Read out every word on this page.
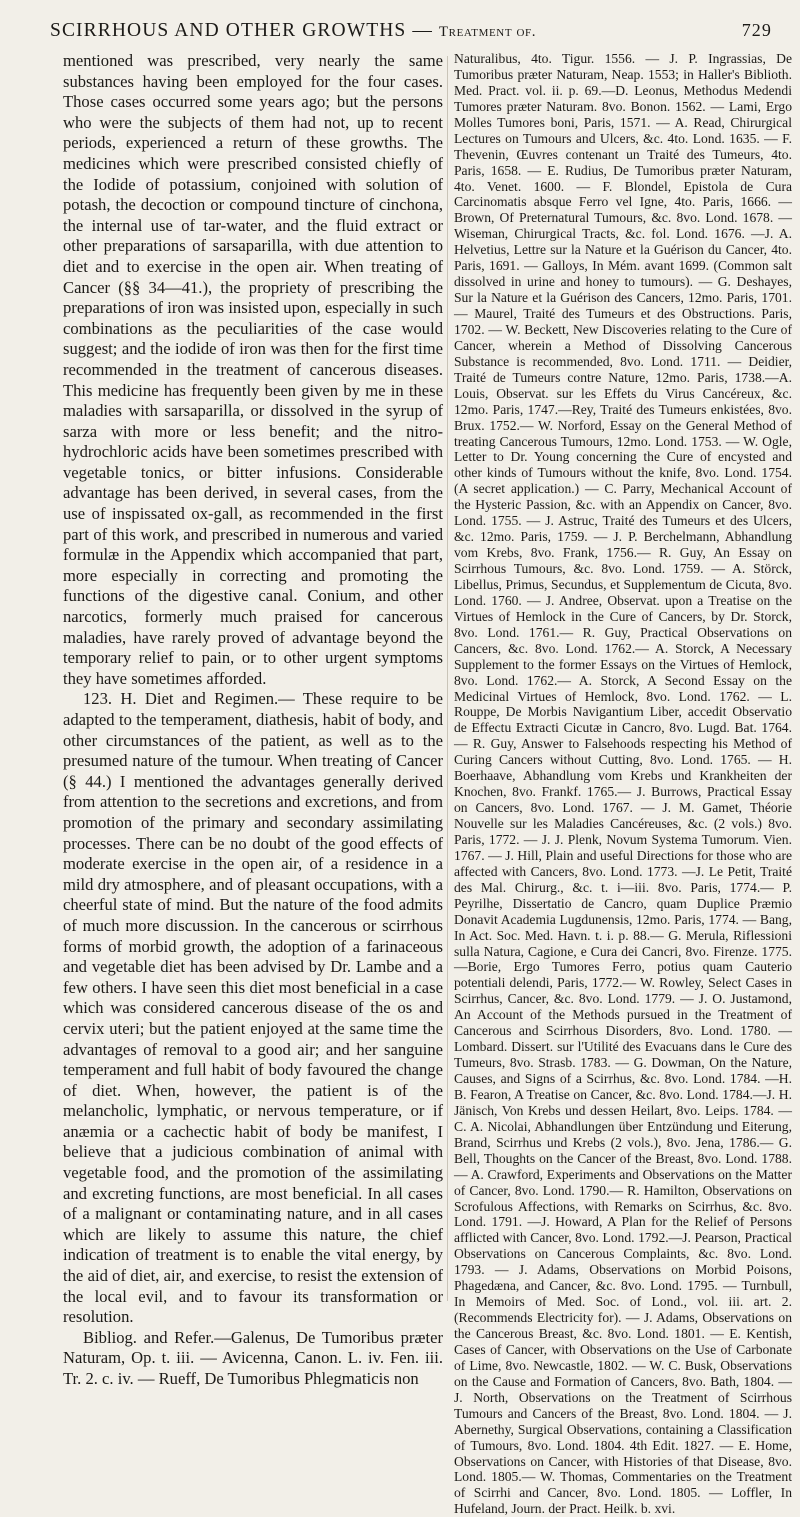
SCIRRHOUS AND OTHER GROWTHS — Treatment of.	729

mentioned was prescribed, very nearly the same substances having been employed for the four cases. Those cases occurred some years ago; but the persons who were the subjects of them had not, up to recent periods, experienced a return of these growths. The medicines which were prescribed consisted chiefly of the Iodide of potassium, conjoined with solution of potash, the decoction or compound tincture of cinchona, the internal use of tar-water, and the fluid extract or other preparations of sarsaparilla, with due attention to diet and to exercise in the open air. When treating of Cancer (§§ 34—41.), the propriety of prescribing the preparations of iron was insisted upon, especially in such combinations as the peculiarities of the case would suggest; and the iodide of iron was then for the first time recommended in the treatment of cancerous diseases. This medicine has frequently been given by me in these maladies with sarsaparilla, or dissolved in the syrup of sarza with more or less benefit; and the nitro-hydrochloric acids have been sometimes prescribed with vegetable tonics, or bitter infusions. Considerable advantage has been derived, in several cases, from the use of inspissated ox-gall, as recommended in the first part of this work, and prescribed in numerous and varied formulæ in the Appendix which accompanied that part, more especially in correcting and promoting the functions of the digestive canal. Conium, and other narcotics, formerly much praised for cancerous maladies, have rarely proved of advantage beyond the temporary relief to pain, or to other urgent symptoms they have sometimes afforded.

123. H. Diet and Regimen.— These require to be adapted to the temperament, diathesis, habit of body, and other circumstances of the patient, as well as to the presumed nature of the tumour. When treating of Cancer (§ 44.) I mentioned the advantages generally derived from attention to the secretions and excretions, and from promotion of the primary and secondary assimilating processes. There can be no doubt of the good effects of moderate exercise in the open air, of a residence in a mild dry atmosphere, and of pleasant occupations, with a cheerful state of mind. But the nature of the food admits of much more discussion. In the cancerous or scirrhous forms of morbid growth, the adoption of a farinaceous and vegetable diet has been advised by Dr. Lambe and a few others. I have seen this diet most beneficial in a case which was considered cancerous disease of the os and cervix uteri; but the patient enjoyed at the same time the advantages of removal to a good air; and her sanguine temperament and full habit of body favoured the change of diet. When, however, the patient is of the melancholic, lymphatic, or nervous temperature, or if anæmia or a cachectic habit of body be manifest, I believe that a judicious combination of animal with vegetable food, and the promotion of the assimilating and excreting functions, are most beneficial. In all cases of a malignant or contaminating nature, and in all cases which are likely to assume this nature, the chief indication of treatment is to enable the vital energy, by the aid of diet, air, and exercise, to resist the extension of the local evil, and to favour its transformation or resolution.

Bibliog. and Refer.—Galenus, De Tumoribus præter Naturam, Op. t. iii. — Avicenna, Canon. L. iv. Fen. iii. Tr. 2. c. iv. — Rueff, De Tumoribus Phlegmaticis non

Naturalibus, 4to. Tigur. 1556. — J. P. Ingrassias, De Tumoribus præter Naturam, Neap. 1553; in Haller's Biblioth. Med. Pract. vol. ii. p. 69.—D. Leonus, Methodus Medendi Tumores præter Naturam. 8vo. Bonon. 1562. — Lami, Ergo Molles Tumores boni, Paris, 1571. — A. Read, Chirurgical Lectures on Tumours and Ulcers, &c. 4to. Lond. 1635. — F. Thevenin, Œuvres contenant un Traité des Tumeurs, 4to. Paris, 1658. — E. Rudius, De Tumoribus præter Naturam, 4to. Venet. 1600. — F. Blondel, Epistola de Cura Carcinomatis absque Ferro vel Igne, 4to. Paris, 1666. — Brown, Of Preternatural Tumours, &c. 8vo. Lond. 1678. — Wiseman, Chirurgical Tracts, &c. fol. Lond. 1676. —J. A. Helvetius, Lettre sur la Nature et la Guérison du Cancer, 4to. Paris, 1691. — Galloys, In Mém. avant 1699. (Common salt dissolved in urine and honey to tumours). — G. Deshayes, Sur la Nature et la Guérison des Cancers, 12mo. Paris, 1701. — Maurel, Traité des Tumeurs et des Obstructions. Paris, 1702. — W. Beckett, New Discoveries relating to the Cure of Cancer, wherein a Method of Dissolving Cancerous Substance is recommended, 8vo. Lond. 1711. — Deidier, Traité de Tumeurs contre Nature, 12mo. Paris, 1738.—A. Louis, Observat. sur les Effets du Virus Cancéreux, &c. 12mo. Paris, 1747.—Rey, Traité des Tumeurs enkistées, 8vo. Brux. 1752.— W. Norford, Essay on the General Method of treating Cancerous Tumours, 12mo. Lond. 1753. — W. Ogle, Letter to Dr. Young concerning the Cure of encysted and other kinds of Tumours without the knife, 8vo. Lond. 1754. (A secret application.) — C. Parry, Mechanical Account of the Hysteric Passion, &c. with an Appendix on Cancer, 8vo. Lond. 1755. — J. Astruc, Traité des Tumeurs et des Ulcers, &c. 12mo. Paris, 1759. — J. P. Berchelmann, Abhandlung vom Krebs, 8vo. Frank, 1756.— R. Guy, An Essay on Scirrhous Tumours, &c. 8vo. Lond. 1759. — A. Störck, Libellus, Primus, Secundus, et Supplementum de Cicuta, 8vo. Lond. 1760. — J. Andree, Observat. upon a Treatise on the Virtues of Hemlock in the Cure of Cancers, by Dr. Storck, 8vo. Lond. 1761.— R. Guy, Practical Observations on Cancers, &c. 8vo. Lond. 1762.— A. Storck, A Necessary Supplement to the former Essays on the Virtues of Hemlock, 8vo. Lond. 1762.— A. Storck, A Second Essay on the Medicinal Virtues of Hemlock, 8vo. Lond. 1762. — L. Rouppe, De Morbis Navigantium Liber, accedit Observatio de Effectu Extracti Cicutæ in Cancro, 8vo. Lugd. Bat. 1764.— R. Guy, Answer to Falsehoods respecting his Method of Curing Cancers without Cutting, 8vo. Lond. 1765. — H. Boerhaave, Abhandlung vom Krebs und Krankheiten der Knochen, 8vo. Frankf. 1765.— J. Burrows, Practical Essay on Cancers, 8vo. Lond. 1767. — J. M. Gamet, Théorie Nouvelle sur les Maladies Cancéreuses, &c. (2 vols.) 8vo. Paris, 1772. — J. J. Plenk, Novum Systema Tumorum. Vien. 1767. — J. Hill, Plain and useful Directions for those who are affected with Cancers, 8vo. Lond. 1773. —J. Le Petit, Traité des Mal. Chirurg., &c. t. i—iii. 8vo. Paris, 1774.— P. Peyrilhe, Dissertatio de Cancro, quam Duplice Præmio Donavit Academia Lugdunensis, 12mo. Paris, 1774. — Bang, In Act. Soc. Med. Havn. t. i. p. 88.— G. Merula, Riflessioni sulla Natura, Cagione, e Cura dei Cancri, 8vo. Firenze. 1775.—Borie, Ergo Tumores Ferro, potius quam Cauterio potentiali delendi, Paris, 1772.— W. Rowley, Select Cases in Scirrhus, Cancer, &c. 8vo. Lond. 1779. — J. O. Justamond, An Account of the Methods pursued in the Treatment of Cancerous and Scirrhous Disorders, 8vo. Lond. 1780. — Lombard. Dissert. sur l'Utilité des Evacuans dans le Cure des Tumeurs, 8vo. Strasb. 1783. — G. Dowman, On the Nature, Causes, and Signs of a Scirrhus, &c. 8vo. Lond. 1784. —H. B. Fearon, A Treatise on Cancer, &c. 8vo. Lond. 1784.—J. H. Jänisch, Von Krebs und dessen Heilart, 8vo. Leips. 1784. — C. A. Nicolai, Abhandlungen über Entzündung und Eiterung, Brand, Scirrhus und Krebs (2 vols.), 8vo. Jena, 1786.— G. Bell, Thoughts on the Cancer of the Breast, 8vo. Lond. 1788. — A. Crawford, Experiments and Observations on the Matter of Cancer, 8vo. Lond. 1790.— R. Hamilton, Observations on Scrofulous Affections, with Remarks on Scirrhus, &c. 8vo. Lond. 1791. —J. Howard, A Plan for the Relief of Persons afflicted with Cancer, 8vo. Lond. 1792.—J. Pearson, Practical Observations on Cancerous Complaints, &c. 8vo. Lond. 1793. — J. Adams, Observations on Morbid Poisons, Phagedæna, and Cancer, &c. 8vo. Lond. 1795. — Turnbull, In Memoirs of Med. Soc. of Lond., vol. iii. art. 2. (Recommends Electricity for). — J. Adams, Observations on the Cancerous Breast, &c. 8vo. Lond. 1801. — E. Kentish, Cases of Cancer, with Observations on the Use of Carbonate of Lime, 8vo. Newcastle, 1802. — W. C. Busk, Observations on the Cause and Formation of Cancers, 8vo. Bath, 1804. — J. North, Observations on the Treatment of Scirrhous Tumours and Cancers of the Breast, 8vo. Lond. 1804. — J. Abernethy, Surgical Observations, containing a Classification of Tumours, 8vo. Lond. 1804. 4th Edit. 1827. — E. Home, Observations on Cancer, with Histories of that Disease, 8vo. Lond. 1805.— W. Thomas, Commentaries on the Treatment of Scirrhi and Cancer, 8vo. Lond. 1805. — Loffler, In Hufeland, Journ. der Pract. Heilk. b. xvi.
